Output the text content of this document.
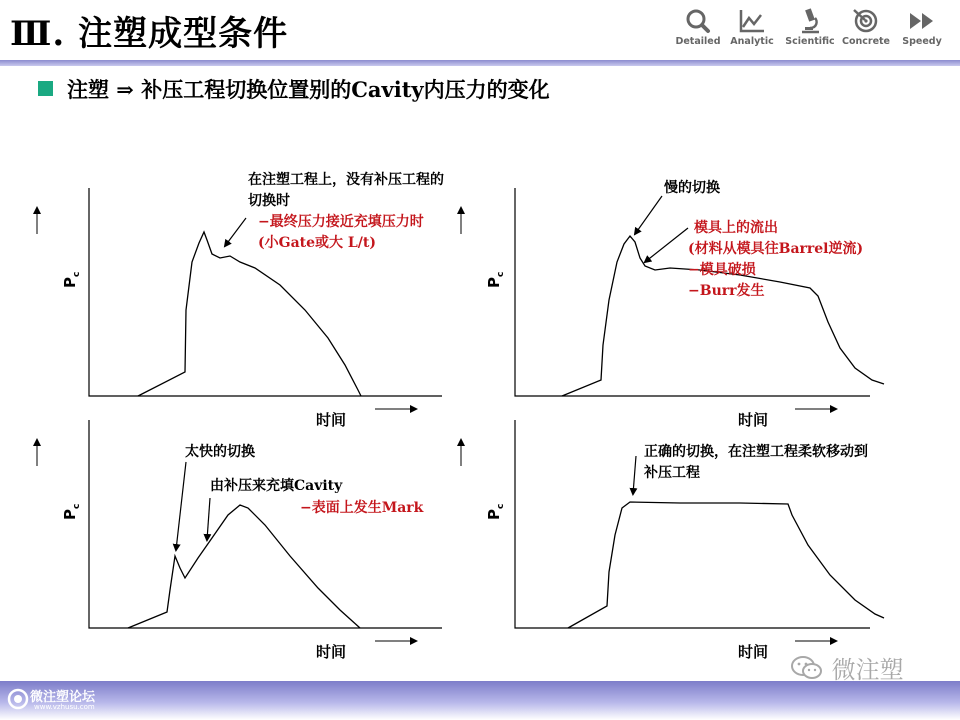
Ⅲ. 注塑成型条件	Detailed	Analytic	Scientific Concrete	Speedy
注塑 ⇒ 补压工程切换位置别的Cavity内压力的变化
$P_c$
$P_c$
$P_c$
$P_c$
时间	时间
时间	时间
在注塑工程上，没有补压工程的
切换时
−最终压力接近充填压力时
(小Gate或大 L/t)
慢的切换
模具上的流出
(材料从模具往Barrel逆流)
−模具破损
−Burr发生
太快的切换
由补压来充填Cavity
−表面上发生Mark
正确的切换，在注塑工程柔软移动到
补压工程
微注塑论坛
www.vzhusu.com
微注塑
